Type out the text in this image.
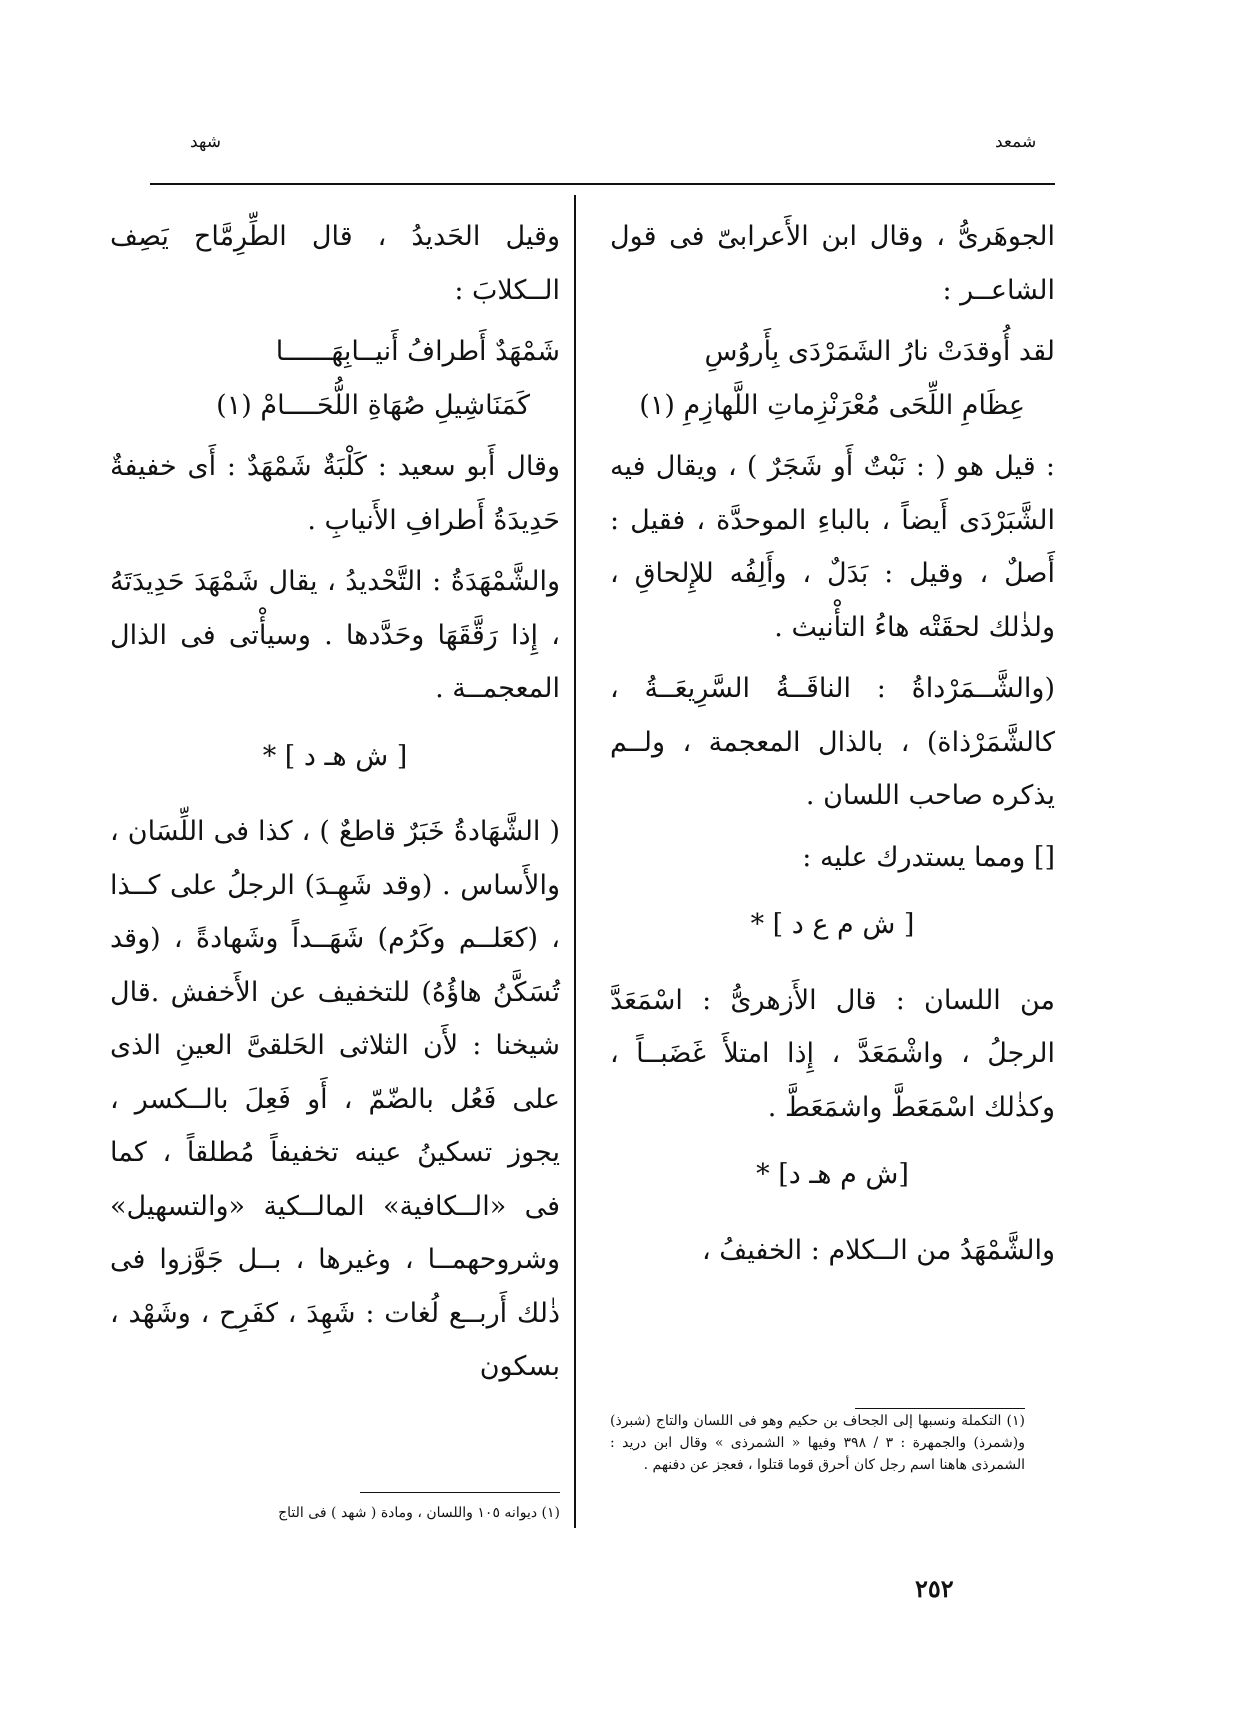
شمعد
شهد

الجوهَرىُّ ، وقال ابن الأَعرابىّ فى قول الشاعــر :

لقد أُوقدَتْ نارُ الشَمَرْدَى بِأَروُسِ

عِظَامِ اللِّحَى مُعْرَنْزِماتِ اللَّهازِمِ (١)

: قيل هو ( : نَبْتٌ أَو شَجَرٌ ) ، ويقال فيه الشَّبَرْدَى أَيضاً ، بالباءِ الموحدَّة ، فقيل : أَصلٌ ، وقيل : بَدَلٌ ، وأَلِفُه للإِلحاقِ ، ولذٰلك لحقَتْه هاءُ التأْنيث .

(والشَّــمَرْداةُ : الناقَــةُ السَّرِيعَــةُ ، كالشَّمَرْذاة) ، بالذال المعجمة ، ولــم يذكره صاحب اللسان .

[] ومما يستدرك عليه :

[ ش م ع د ] *

من اللسان : قال الأَزهرىُّ : اسْمَعَدَّ الرجلُ ، واشْمَعَدَّ ، إِذا امتلأَ غَضَبــاً ، وكذٰلك اسْمَعَطَّ واشمَعَطَّ .

[ش م هـ د] *

والشَّمْهَدُ من الــكلام : الخفيفُ ،

وقيل الحَديدُ ، قال الطِّرِمَّاح يَصِف الــكلابَ :

شَمْهَدٌ أَطرافُ أَنيــابِهَــــــا

كَمَنَاشِيلِ صُهَاةِ اللُّحَــــامْ (١)

وقال أَبو سعيد : كَلْبَةٌ شَمْهَدٌ : أَى خفيفةٌ حَدِيدَةُ أَطرافِ الأَنيابِ .

والشَّمْهَدَةُ : التَّحْديدُ ، يقال شَمْهَدَ حَدِيدَتَهُ ، إِذا رَقَّقَهَا وحَدَّدها . وسيأْتى فى الذال المعجمــة .

[ ش هـ د ] *

( الشَّهَادةُ خَبَرٌ قاطعٌ ) ، كذا فى اللِّسَان ، والأَساس . (وقد شَهِـدَ) الرجلُ على كــذا ، (كعَلــم وكَرُم) شَهَــداً وشَهادةً ، (وقد تُسَكَّنُ هاؤُهُ) للتخفيف عن الأَخفش .قال شيخنا : لأَن الثلاثى الحَلقىَّ العينِ الذى على فَعُل بالضّمّ ، أَو فَعِلَ بالــكسر ، يجوز تسكينُ عينه تخفيفاً مُطلقاً ، كما فى «الــكافية» المالــكية «والتسهيل» وشروحهمــا ، وغيرها ، بــل جَوَّزوا فى ذٰلك أَربــع لُغات : شَهِدَ ، كفَرِح ، وشَهْد ، بسكون

(١) التكملة ونسبها إلى الجحاف بن حكيم وهو فى اللسان والتاج (شبرذ) و(شمرذ) والجمهرة : ٣ / ٣٩٨ وفيها « الشمرذى » وقال ابن دريد : الشمرذى هاهنا اسم رجل كان أحرق قوما قتلوا ، فعجز عن دفنهم .
(١) ديوانه ١٠٥ واللسان ، ومادة ( شهد ) فى التاج
٢٥٢
